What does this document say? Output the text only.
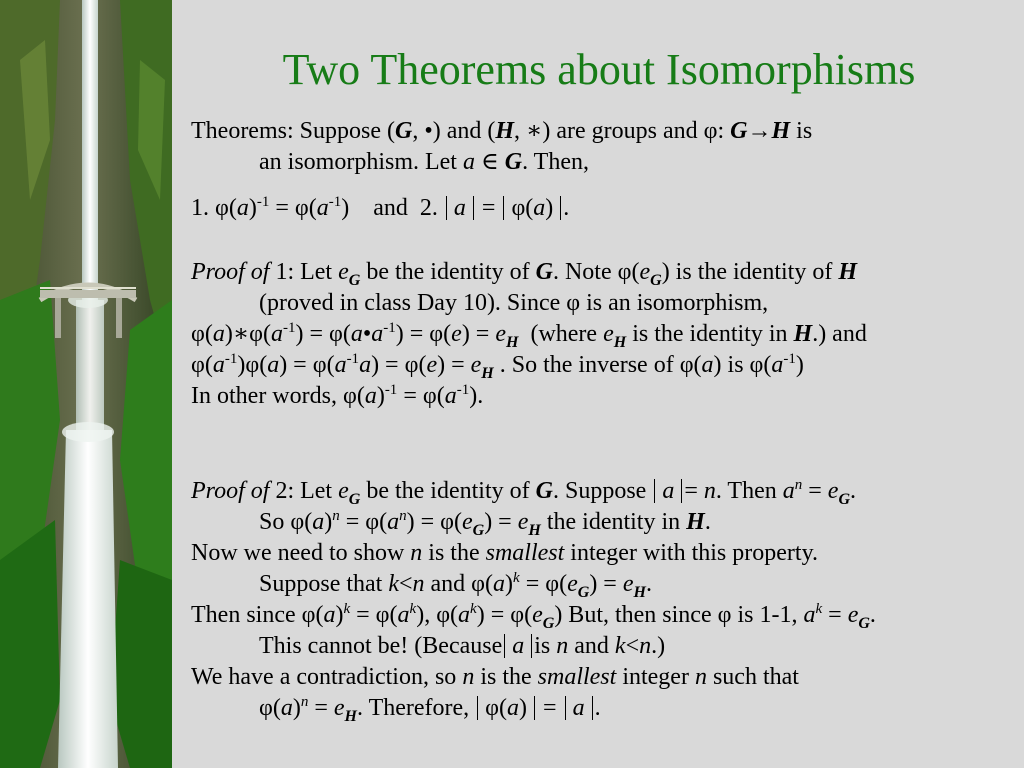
Two Theorems about Isomorphisms
Theorems: Suppose (G, •) and (H, ∗) are groups and φ: G→H is
an isomorphism. Let a ∈ G. Then,
1. $\varphi(a)^{-1} = \varphi(a^{-1})$    and  2. a = φ(a) .
Proof of 1: Let $e_G$ be the identity of G. Note $\varphi(e_G)$ is the identity of H
(proved in class Day 10). Since φ is an isomorphism,
$\varphi(a)∗\varphi(a^{-1})$ = $\varphi(a•a^{-1}) = \varphi(e) = e_H$  (where $e_H$ is the identity in H.) and
$\varphi(a^{-1})\varphi(a) = \varphi(a^{-1}a) = \varphi(e) = e_H$ . So the inverse of φ(a) is $\varphi(a^{-1})$
In other words, $\varphi(a)^{-1} = \varphi(a^{-1})$.
Proof of 2: Let $e_G$ be the identity of G. Suppose a = n. Then $a^n = e_G$.
So $\varphi(a)^n = \varphi(a^n) = \varphi(e_G) = e_H$ the identity in H.
Now we need to show n is the smallest integer with this property.
Suppose that k<n and $\varphi(a)^k = \varphi(e_G) = e_H$.
Then since $\varphi(a)^k = \varphi(a^k)$, $\varphi(a^k) = \varphi(e_G)$ But, then since φ is 1-1, $a^k = e_G$.
This cannot be! (Because a is n and k<n.)
We have a contradiction, so n is the smallest integer n such that
$\varphi(a)^n = e_H$. Therefore, φ(a) = a .
